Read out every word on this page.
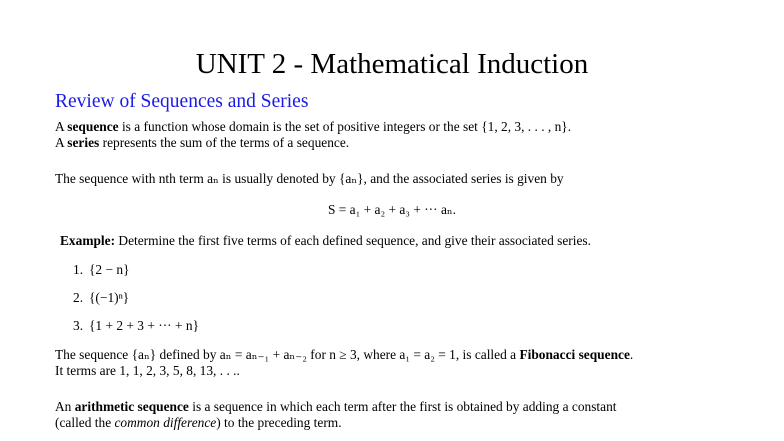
UNIT 2 - Mathematical Induction
Review of Sequences and Series
A sequence is a function whose domain is the set of positive integers or the set {1, 2, 3, . . . , n}.
A series represents the sum of the terms of a sequence.
The sequence with nth term aₙ is usually denoted by {aₙ}, and the associated series is given by
S = a₁ + a₂ + a₃ + ··· aₙ.
Example: Determine the first five terms of each defined sequence, and give their associated series.
1. {2 − n}
2. {(−1)ⁿ}
3. {1 + 2 + 3 + ··· + n}
The sequence {aₙ} defined by aₙ = aₙ₋₁ + aₙ₋₂ for n ≥ 3, where a₁ = a₂ = 1, is called a Fibonacci sequence.
It terms are 1, 1, 2, 3, 5, 8, 13, . . ..
An arithmetic sequence is a sequence in which each term after the first is obtained by adding a constant
(called the common difference) to the preceding term.
